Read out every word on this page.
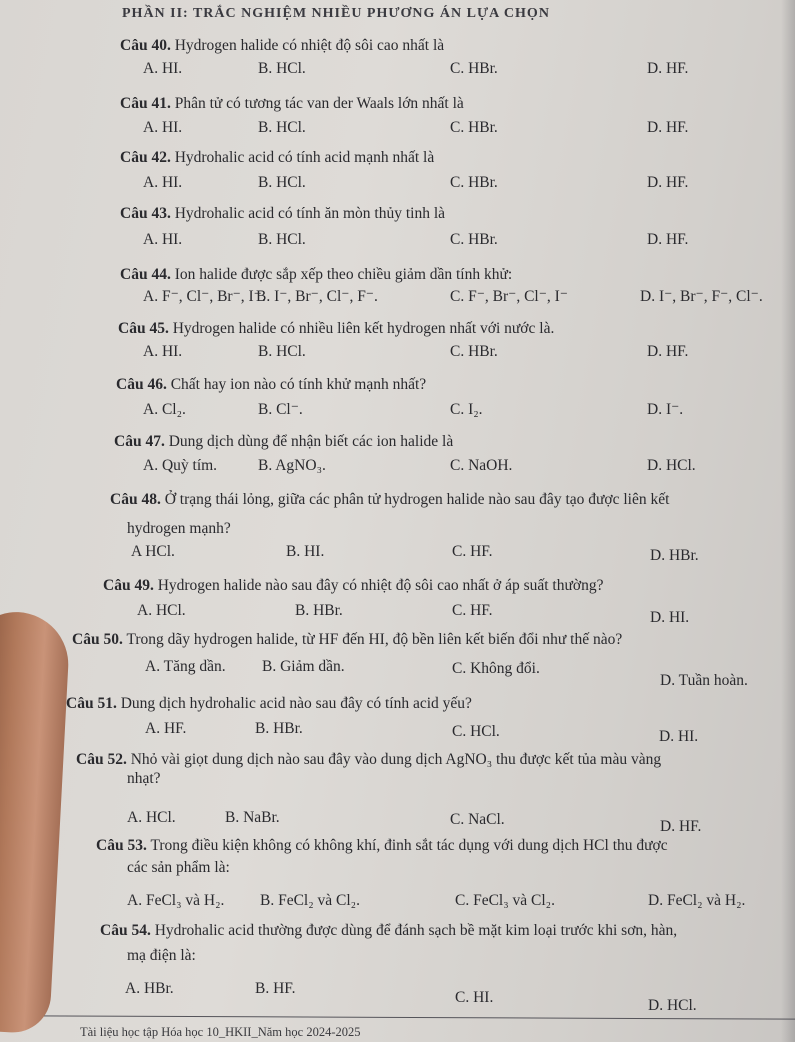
PHẦN II: TRẮC NGHIỆM NHIỀU PHƯƠNG ÁN LỰA CHỌN
Câu 40. Hydrogen halide có nhiệt độ sôi cao nhất là
A. HI.	B. HCl.	C. HBr.	D. HF.
Câu 41. Phân tử có tương tác van der Waals lớn nhất là
A. HI.	B. HCl.	C. HBr.	D. HF.
Câu 42. Hydrohalic acid có tính acid mạnh nhất là
A. HI.	B. HCl.	C. HBr.	D. HF.
Câu 43. Hydrohalic acid có tính ăn mòn thủy tinh là
A. HI.	B. HCl.	C. HBr.	D. HF.
Câu 44. Ion halide được sắp xếp theo chiều giảm dần tính khử:
A. F⁻, Cl⁻, Br⁻, I⁻.
B. I⁻, Br⁻, Cl⁻, F⁻.	C. F⁻, Br⁻, Cl⁻, I⁻	D. I⁻, Br⁻, F⁻, Cl⁻.
Câu 45. Hydrogen halide có nhiều liên kết hydrogen nhất với nước là.
A. HI.	B. HCl.	C. HBr.	D. HF.
Câu 46. Chất hay ion nào có tính khử mạnh nhất?
A. Cl₂.	B. Cl⁻.	C. I₂.	D. I⁻.
Câu 47. Dung dịch dùng để nhận biết các ion halide là
A. Quỳ tím.	B. AgNO₃.	C. NaOH.	D. HCl.
Câu 48. Ở trạng thái lỏng, giữa các phân tử hydrogen halide nào sau đây tạo được liên kết
hydrogen mạnh?
A HCl.	B. HI.	C. HF.	D. HBr.
Câu 49. Hydrogen halide nào sau đây có nhiệt độ sôi cao nhất ở áp suất thường?
A. HCl.	B. HBr.	C. HF.	D. HI.
Câu 50. Trong dãy hydrogen halide, từ HF đến HI, độ bền liên kết biến đổi như thế nào?
A. Tăng dần. B. Giảm dần.	C. Không đổi.
D. Tuần hoàn.
Câu 51. Dung dịch hydrohalic acid nào sau đây có tính acid yếu?
A. HF.	B. HBr.	C. HCl.	D. HI.
Câu 52. Nhỏ vài giọt dung dịch nào sau đây vào dung dịch AgNO₃ thu được kết tủa màu vàng
nhạt?
A. HCl.	B. NaBr.	C. NaCl.	D. HF.
Câu 53. Trong điều kiện không có không khí, đinh sắt tác dụng với dung dịch HCl thu được
các sản phẩm là:
A. FeCl₃ và H₂. B. FeCl₂ và Cl₂.	C. FeCl₃ và Cl₂.	D. FeCl₂ và H₂.
Câu 54. Hydrohalic acid thường được dùng để đánh sạch bề mặt kim loại trước khi sơn, hàn,
mạ điện là:
A. HBr.	B. HF.
C. HI.	D. HCl.
Tài liệu học tập Hóa học 10_HKII_Năm học 2024-2025
